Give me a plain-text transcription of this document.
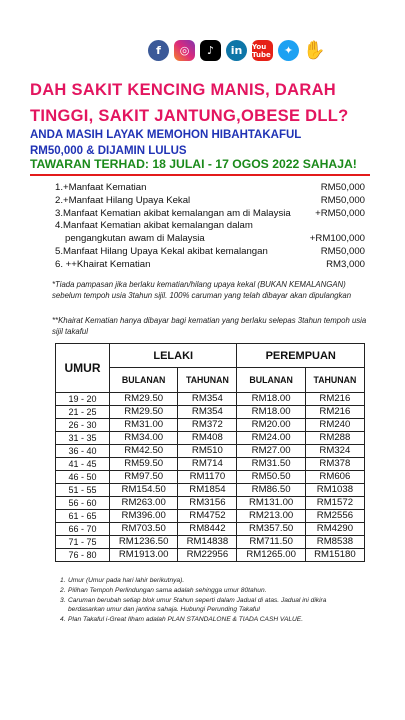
f	◎	♪	in	You Tube	✦ ✋
DAH SAKIT KENCING MANIS, DARAH TINGGI, SAKIT JANTUNG,OBESE DLL?
ANDA MASIH LAYAK MEMOHON HIBAHTAKAFUL
RM50,000 & DIJAMIN LULUS
TAWARAN TERHAD: 18 JULAI - 17 OGOS 2022 SAHAJA!
1.+Manfaat Kematian	RM50,000
2.+Manfaat Hilang Upaya Kekal	RM50,000
3.Manfaat Kematian akibat kemalangan am di Malaysia	+RM50,000
4.Manfaat Kematian akibat kemalangan dalam
pengangkutan awam di Malaysia	+RM100,000
5.Manfaat Hilang Upaya Kekal akibat kemalangan	RM50,000
6. ++Khairat Kematian	RM3,000
*Tiada pampasan jika berlaku kematian/hilang upaya kekal (BUKAN KEMALANGAN) sebelum tempoh usia 3tahun sijil. 100% caruman yang telah dibayar akan dipulangkan
**Khairat Kematian hanya dibayar bagi kematian yang berlaku selepas 3tahun tempoh usia sijil takaful
UMUR	LELAKI		PEREMPUAN	
	BULANAN	TAHUNAN	BULANAN	TAHUNAN
19 - 20	RM29.50	RM354	RM18.00	RM216
21 - 25	RM29.50	RM354	RM18.00	RM216
26 - 30	RM31.00	RM372	RM20.00	RM240
31 - 35	RM34.00	RM408	RM24.00	RM288
36 - 40	RM42.50	RM510	RM27.00	RM324
41 - 45	RM59.50	RM714	RM31.50	RM378
46 - 50	RM97.50	RM1170	RM50.50	RM606
51 - 55	RM154.50	RM1854	RM86.50	RM1038
56 - 60	RM263.00	RM3156	RM131.00	RM1572
61 - 65	RM396.00	RM4752	RM213.00	RM2556
66 - 70	RM703.50	RM8442	RM357.50	RM4290
71 - 75	RM1236.50	RM14838	RM711.50	RM8538
76 - 80	RM1913.00	RM22956	RM1265.00	RM15180
1. Umur (Umur pada hari lahir berikutnya).
2. Pilihan Tempoh Perlindungan sama adalah sehingga umur 80tahun.
3. Caruman berubah setiap blok umur 5tahun seperti dalam Jadual di atas. Jadual ini dikira berdasarkan umur dan jantina sahaja. Hubungi Perunding Takaful
4. Plan Takaful i-Great Ilham adalah PLAN STANDALONE & TIADA CASH VALUE.
